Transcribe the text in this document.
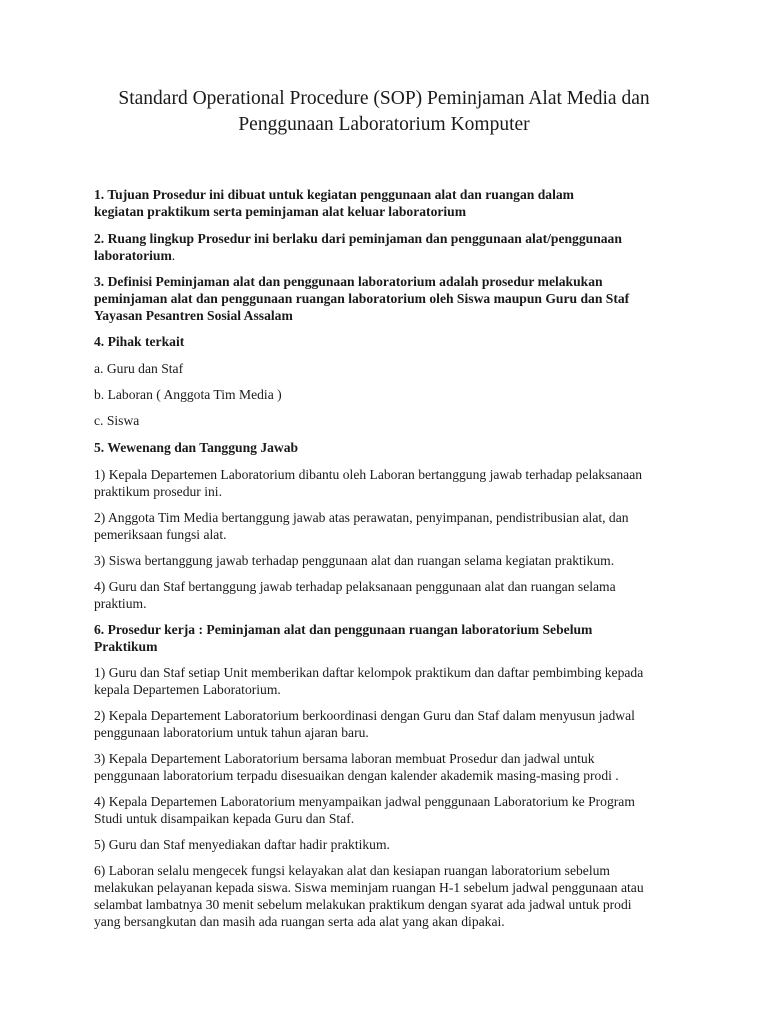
Standard Operational Procedure (SOP) Peminjaman Alat Media dan
Penggunaan Laboratorium Komputer
1. Tujuan Prosedur ini dibuat untuk kegiatan penggunaan alat dan ruangan dalam
kegiatan praktikum serta peminjaman alat keluar laboratorium
2. Ruang lingkup Prosedur ini berlaku dari peminjaman dan penggunaan alat/penggunaan
laboratorium.
3. Definisi Peminjaman alat dan penggunaan laboratorium adalah prosedur melakukan
peminjaman alat dan penggunaan ruangan laboratorium oleh Siswa maupun Guru dan Staf
Yayasan Pesantren Sosial Assalam
4. Pihak terkait
a. Guru dan Staf
b. Laboran ( Anggota Tim Media )
c. Siswa
5. Wewenang dan Tanggung Jawab
1) Kepala Departemen Laboratorium dibantu oleh Laboran bertanggung jawab terhadap pelaksanaan
praktikum prosedur ini.
2) Anggota Tim Media bertanggung jawab atas perawatan, penyimpanan, pendistribusian alat, dan
pemeriksaan fungsi alat.
3) Siswa bertanggung jawab terhadap penggunaan alat dan ruangan selama kegiatan praktikum.
4) Guru dan Staf bertanggung jawab terhadap pelaksanaan penggunaan alat dan ruangan selama
praktium.
6. Prosedur kerja : Peminjaman alat dan penggunaan ruangan laboratorium Sebelum
Praktikum
1) Guru dan Staf setiap Unit memberikan daftar kelompok praktikum dan daftar pembimbing kepada
kepala Departemen Laboratorium.
2) Kepala Departement Laboratorium berkoordinasi dengan Guru dan Staf dalam menyusun jadwal
penggunaan laboratorium untuk tahun ajaran baru.
3) Kepala Departement Laboratorium bersama laboran membuat Prosedur dan jadwal untuk
penggunaan laboratorium terpadu disesuaikan dengan kalender akademik masing-masing prodi .
4) Kepala Departemen Laboratorium menyampaikan jadwal penggunaan Laboratorium ke Program
Studi untuk disampaikan kepada Guru dan Staf.
5) Guru dan Staf menyediakan daftar hadir praktikum.
6) Laboran selalu mengecek fungsi kelayakan alat dan kesiapan ruangan laboratorium sebelum
melakukan pelayanan kepada siswa. Siswa meminjam ruangan H-1 sebelum jadwal penggunaan atau
selambat lambatnya 30 menit sebelum melakukan praktikum dengan syarat ada jadwal untuk prodi
yang bersangkutan dan masih ada ruangan serta ada alat yang akan dipakai.
